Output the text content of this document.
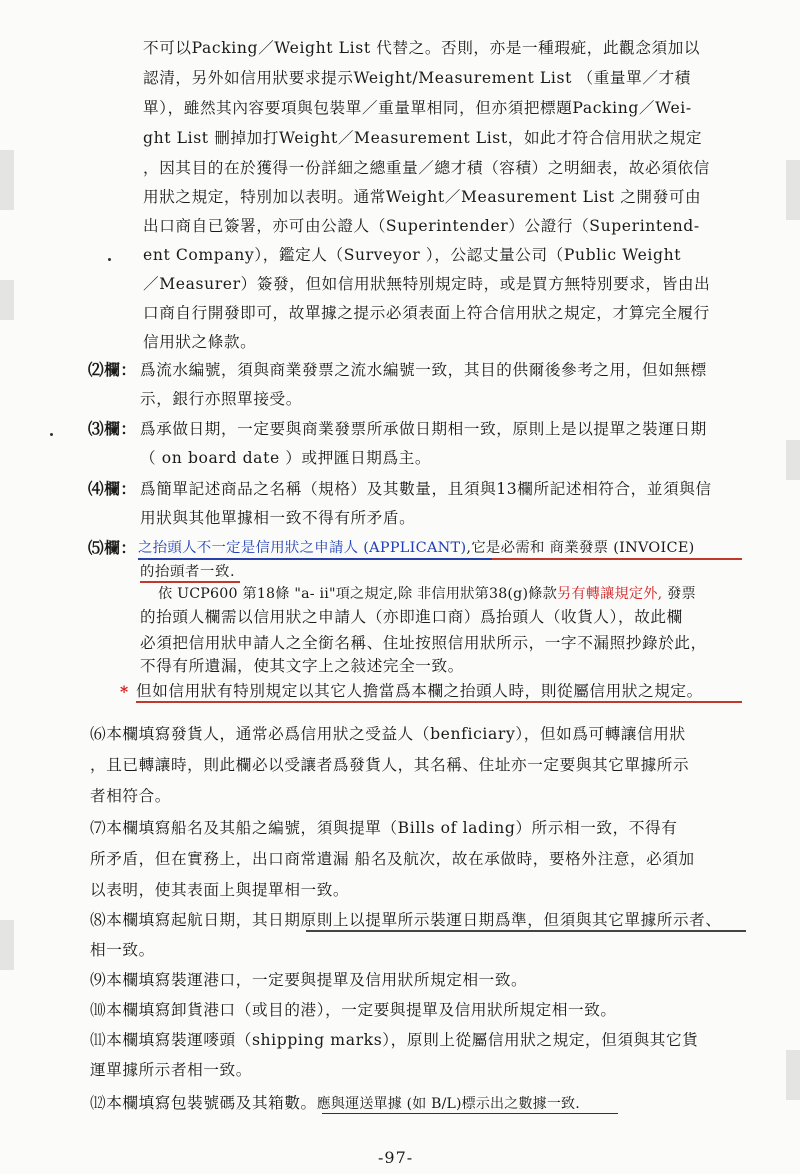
不可以Packing／Weight List 代替之。否則，亦是一種瑕疵，此觀念須加以
認清，另外如信用狀要求提示Weight/Measurement List （重量單／才積
單），雖然其內容要項與包裝單／重量單相同，但亦須把標題Packing／Wei-
ght List 刪掉加打Weight／Measurement List，如此才符合信用狀之規定
，因其目的在於獲得一份詳細之總重量／總才積（容積）之明細表，故必須依信
用狀之規定，特別加以表明。通常Weight／Measurement List 之開發可由
出口商自已簽署，亦可由公證人（Superintender）公證行（Superintend-
ent Company），鑑定人（Surveyor ），公認丈量公司（Public Weight
／Measurer）簽發，但如信用狀無特別規定時，或是買方無特別要求，皆由出
口商自行開發即可，故單據之提示必須表面上符合信用狀之規定，才算完全履行
信用狀之條款。
⑵欄： 爲流水編號，須與商業發票之流水編號一致，其目的供爾後參考之用，但如無標
示，銀行亦照單接受。
⑶欄： 爲承做日期，一定要與商業發票所承做日期相一致，原則上是以提單之裝運日期
（ on board date ）或押匯日期爲主。
⑷欄： 爲簡單記述商品之名稱（規格）及其數量，且須與13欄所記述相符合，並須與信
用狀與其他單據相一致不得有所矛盾。
⑸欄： 之抬頭人不一定是信用狀之申請人 (APPLICANT),它是必需和 商業發票 (INVOICE)
的抬頭者一致.
依 UCP600 第18條 "a- ii"項之規定,除 非信用狀第38(g)條款另有轉讓規定外, 發票
的抬頭人欄需以信用狀之申請人（亦即進口商）爲抬頭人（收貨人），故此欄
必須把信用狀申請人之全銜名稱、住址按照信用狀所示，一字不漏照抄錄於此，
不得有所遺漏，使其文字上之敍述完全一致。
* 但如信用狀有特別規定以其它人擔當爲本欄之抬頭人時，則從屬信用狀之規定。
⑹本欄填寫發貨人，通常必爲信用狀之受益人（benficiary），但如爲可轉讓信用狀
，且已轉讓時，則此欄必以受讓者爲發貨人，其名稱、住址亦一定要與其它單據所示
者相符合。
⑺本欄填寫船名及其船之編號，須與提單（Bills of lading）所示相一致，不得有
所矛盾，但在實務上，出口商常遺漏 船名及航次，故在承做時，要格外注意，必須加
以表明，使其表面上與提單相一致。
⑻本欄填寫起航日期，其日期原則上以提單所示裝運日期爲準，但須與其它單據所示者、
相一致。
⑼本欄填寫裝運港口，一定要與提單及信用狀所規定相一致。
⑽本欄填寫卸貨港口（或目的港），一定要與提單及信用狀所規定相一致。
⑾本欄填寫裝運嘜頭（shipping marks），原則上從屬信用狀之規定，但須與其它貨
運單據所示者相一致。
⑿本欄填寫包裝號碼及其箱數。應與運送單據 (如 B/L)標示出之數據一致.
-97-
